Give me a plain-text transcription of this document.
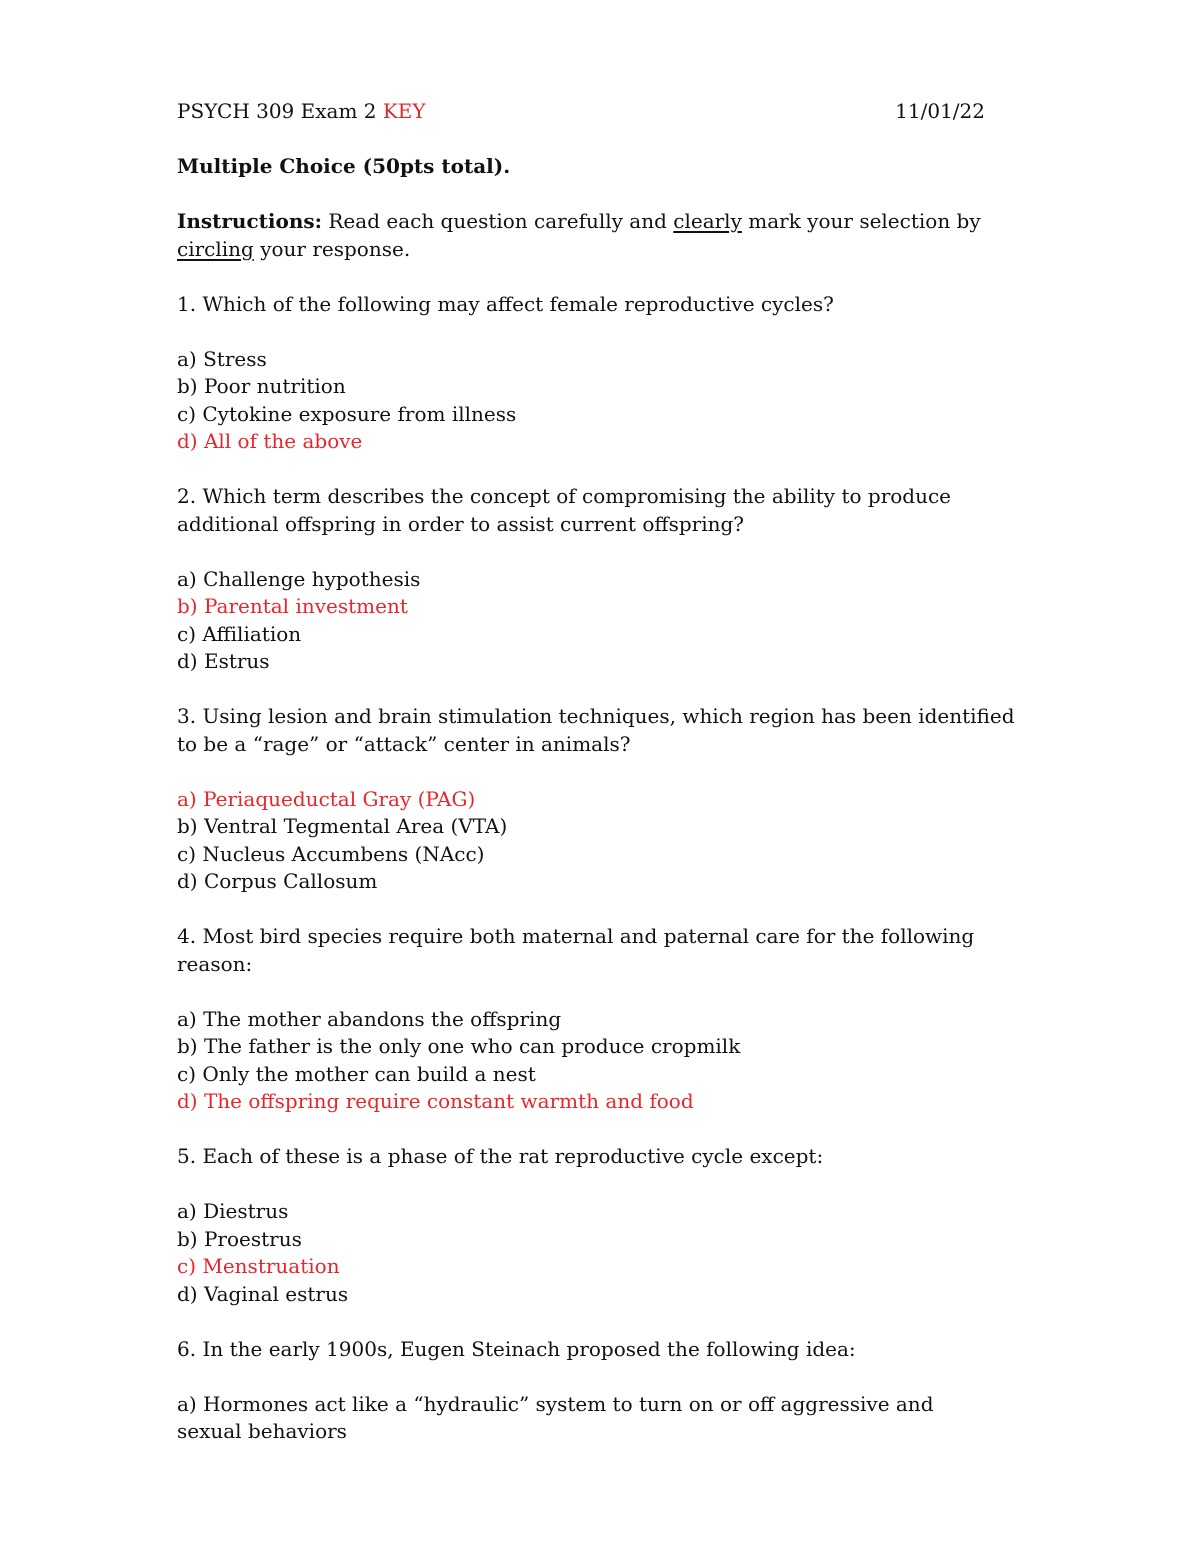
PSYCH 309 Exam 2 KEY	11/01/22
Multiple Choice (50pts total).
Instructions: Read each question carefully and clearly mark your selection by
circling your response.

1. Which of the following may affect female reproductive cycles?

a) Stress

b) Poor nutrition

c) Cytokine exposure from illness

d) All of the above

2. Which term describes the concept of compromising the ability to produce additional offspring in order to assist current offspring?

a) Challenge hypothesis

b) Parental investment

c) Affiliation

d) Estrus

3. Using lesion and brain stimulation techniques, which region has been identified to be a “rage” or “attack” center in animals?

a) Periaqueductal Gray (PAG)

b) Ventral Tegmental Area (VTA)

c) Nucleus Accumbens (NAcc)

d) Corpus Callosum

4. Most bird species require both maternal and paternal care for the following reason:

a) The mother abandons the offspring

b) The father is the only one who can produce cropmilk

c) Only the mother can build a nest

d) The offspring require constant warmth and food

5. Each of these is a phase of the rat reproductive cycle except:

a) Diestrus

b) Proestrus

c) Menstruation

d) Vaginal estrus

6. In the early 1900s, Eugen Steinach proposed the following idea:

a) Hormones act like a “hydraulic” system to turn on or off aggressive and sexual behaviors
